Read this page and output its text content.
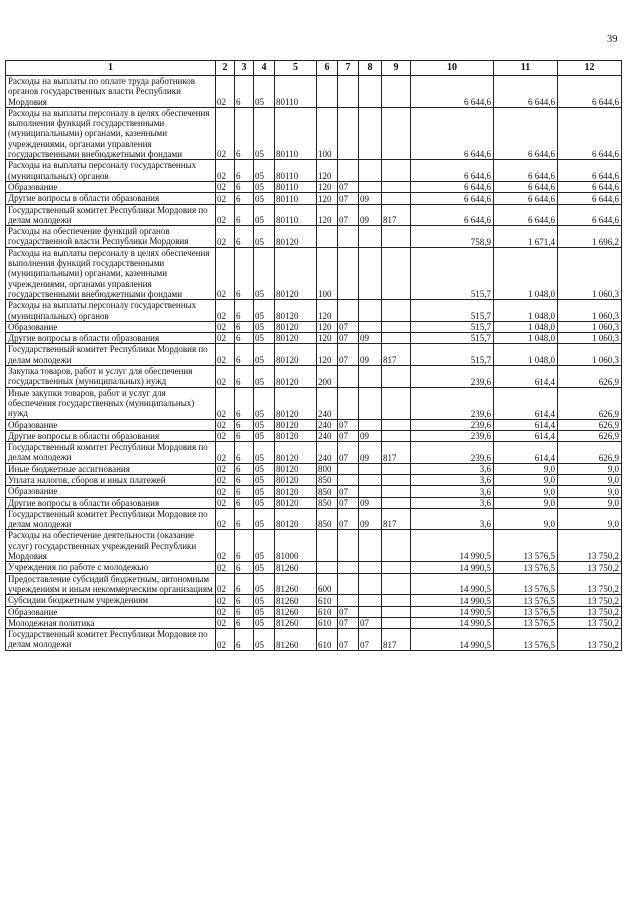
39
1	2	3	4	5	6	7	8	9	10	11	12
Расходы на выплаты по оплате труда работников органов государственных власти Республики Мордовия	02	6	05	80110					6 644,6	6 644,6	6 644,6
Расходы на выплаты персоналу в целях обеспечения выполнения функций государственными (муниципальными) органами, казенными учреждениями, органами управления государственными внебюджетными фондами	02	6	05	80110	100				6 644,6	6 644,6	6 644,6
Расходы на выплаты персоналу государственных (муниципальных) органов	02	6	05	80110	120				6 644,6	6 644,6	6 644,6
Образование	02	6	05	80110	120	07			6 644,6	6 644,6	6 644,6
Другие вопросы в области образования	02	6	05	80110	120	07	09		6 644,6	6 644,6	6 644,6
Государственный комитет Республики Мордовия по делам молодежи	02	6	05	80110	120	07	09	817	6 644,6	6 644,6	6 644,6
Расходы на обеспечение функций органов государственной власти Республики Мордовия	02	6	05	80120					758,9	1 671,4	1 696,2
Расходы на выплаты персоналу в целях обеспечения выполнения функций государственными (муниципальными) органами, казенными учреждениями, органами управления государственными внебюджетными фондами	02	6	05	80120	100				515,7	1 048,0	1 060,3
Расходы на выплаты персоналу государственных (муниципальных) органов	02	6	05	80120	120				515,7	1 048,0	1 060,3
Образование	02	6	05	80120	120	07			515,7	1 048,0	1 060,3
Другие вопросы в области образования	02	6	05	80120	120	07	09		515,7	1 048,0	1 060,3
Государственный комитет Республики Мордовия по делам молодежи	02	6	05	80120	120	07	09	817	515,7	1 048,0	1 060,3
Закупка товаров, работ и услуг для обеспечения государственных (муниципальных) нужд	02	6	05	80120	200				239,6	614,4	626,9
Иные закупки товаров, работ и услуг для обеспечения государственных (муниципальных) нужд	02	6	05	80120	240				239,6	614,4	626,9
Образование	02	6	05	80120	240	07			239,6	614,4	626,9
Другие вопросы в области образования	02	6	05	80120	240	07	09		239,6	614,4	626,9
Государственный комитет Республики Мордовия по делам молодежи	02	6	05	80120	240	07	09	817	239,6	614,4	626,9
Иные бюджетные ассигнования	02	6	05	80120	800				3,6	9,0	9,0
Уплата налогов, сборов и иных платежей	02	6	05	80120	850				3,6	9,0	9,0
Образование	02	6	05	80120	850	07			3,6	9,0	9,0
Другие вопросы в области образования	02	6	05	80120	850	07	09		3,6	9,0	9,0
Государственный комитет Республики Мордовия по делам молодежи	02	6	05	80120	850	07	09	817	3,6	9,0	9,0
Расходы на обеспечение деятельности (оказание услуг) государственных учреждений Республики Мордовия	02	6	05	81000					14 990,5	13 576,5	13 750,2
Учреждения по работе с молодежью	02	6	05	81260					14 990,5	13 576,5	13 750,2
Предоставление субсидий бюджетным, автономным учреждениям и иным некоммерческим организациям	02	6	05	81260	600				14 990,5	13 576,5	13 750,2
Субсидии бюджетным учреждениям	02	6	05	81260	610				14 990,5	13 576,5	13 750,2
Образование	02	6	05	81260	610	07			14 990,5	13 576,5	13 750,2
Молодежная политика	02	6	05	81260	610	07	07		14 990,5	13 576,5	13 750,2
Государственный комитет Республики Мордовия по делам молодежи	02	6	05	81260	610	07	07	817	14 990,5	13 576,5	13 750,2
